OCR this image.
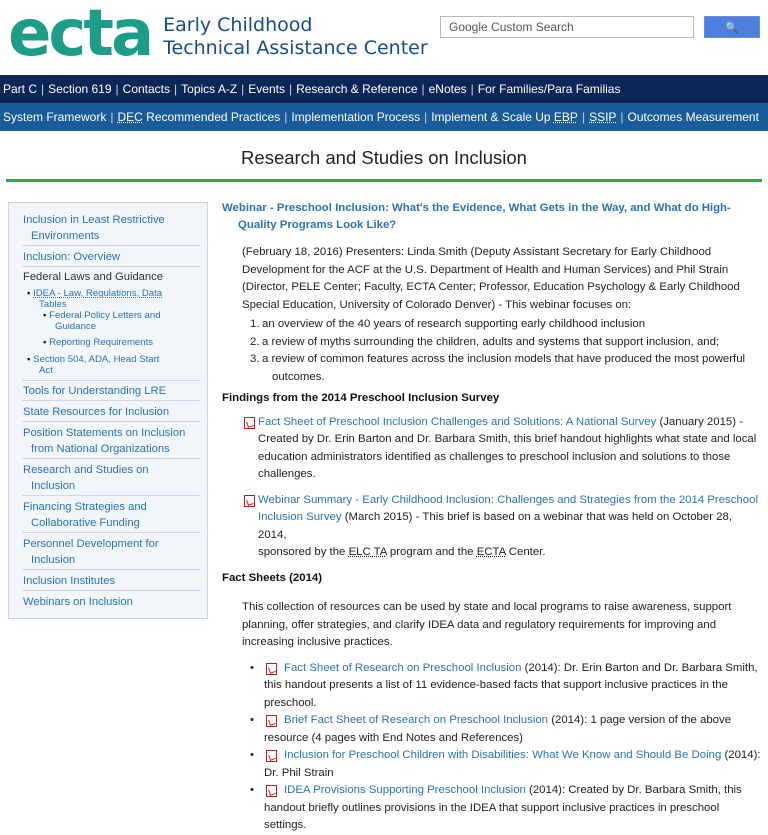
ecta Early Childhood
Technical Assistance Center
Google Custom Search
🔍
Part C | Section 619 | Contacts | Topics A-Z | Events | Research & Reference | eNotes | For Families/Para Familias
System Framework | DEC Recommended Practices | Implementation Process | Implement & Scale Up EBP | SSIP | Outcomes Measurement
Research and Studies on Inclusion
Inclusion in Least Restrictive
Environments
Inclusion: Overview
Federal Laws and Guidance
▪ IDEA - Law, Regulations, Data
Tables
▪ Federal Policy Letters and
Guidance
▪ Reporting Requirements
▪ Section 504, ADA, Head Start
Act
Tools for Understanding LRE
State Resources for Inclusion
Position Statements on Inclusion
from National Organizations
Research and Studies on
Inclusion
Financing Strategies and
Collaborative Funding
Personnel Development for
Inclusion
Inclusion Institutes
Webinars on Inclusion
Webinar - Preschool Inclusion: What's the Evidence, What Gets in the Way, and What do High-
Quality Programs Look Like?
(February 18, 2016) Presenters: Linda Smith (Deputy Assistant Secretary for Early Childhood
Development for the ACF at the U.S. Department of Health and Human Services) and Phil Strain
(Director, PELE Center; Faculty, ECTA Center; Professor, Education Psychology & Early Childhood
Special Education, University of Colorado Denver) - This webinar focuses on:
1. an overview of the 40 years of research supporting early childhood inclusion
2. a review of myths surrounding the children, adults and systems that support inclusion, and;
3. a review of common features across the inclusion models that have produced the most powerful
outcomes.
Findings from the 2014 Preschool Inclusion Survey
Fact Sheet of Preschool Inclusion Challenges and Solutions: A National Survey (January 2015) -
Created by Dr. Erin Barton and Dr. Barbara Smith, this brief handout highlights what state and local
education administrators identified as challenges to preschool inclusion and solutions to those
challenges.
Webinar Summary - Early Childhood Inclusion: Challenges and Strategies from the 2014 Preschool
Inclusion Survey (March 2015) - This brief is based on a webinar that was held on October 28, 2014,
sponsored by the ELC TA program and the ECTA Center.
Fact Sheets (2014)
This collection of resources can be used by state and local programs to raise awareness, support
planning, offer strategies, and clarify IDEA data and regulatory requirements for improving and
increasing inclusive practices.
•	Fact Sheet of Research on Preschool Inclusion (2014): Dr. Erin Barton and Dr. Barbara Smith,
this handout presents a list of 11 evidence-based facts that support inclusive practices in the
preschool.
•	Brief Fact Sheet of Research on Preschool Inclusion (2014): 1 page version of the above
resource (4 pages with End Notes and References)
•	Inclusion for Preschool Children with Disabilities: What We Know and Should Be Doing (2014):
Dr. Phil Strain
•	IDEA Provisions Supporting Preschool Inclusion (2014): Created by Dr. Barbara Smith, this
handout briefly outlines provisions in the IDEA that support inclusive practices in preschool settings.
